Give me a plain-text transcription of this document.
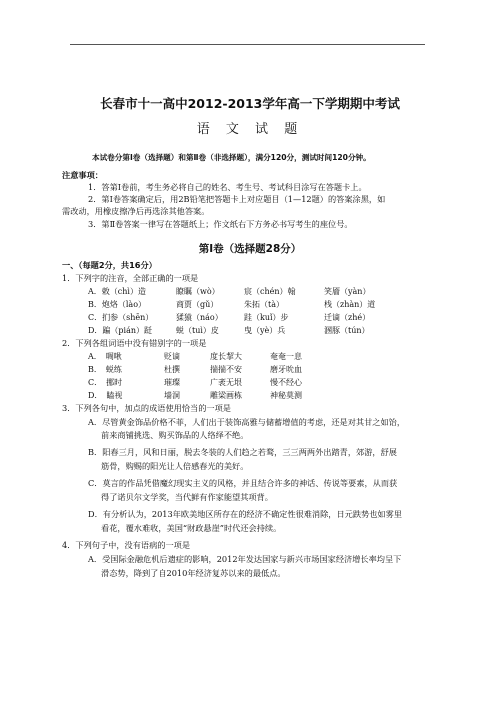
长春市十一高中2012-2013学年高一下学期期中考试
语 文 试 题
本试卷分第Ⅰ卷（选择题）和第Ⅱ卷（非选择题），满分120分，测试时间120分钟。
注意事项：
1．答第Ⅰ卷前，考生务必将自己的姓名、考生号、考试科目涂写在答题卡上。
2．第Ⅰ卷答案确定后，用2B铅笔把答题卡上对应题目（1—12题）的答案涂黑，如
需改动，用橡皮擦净后再选涂其他答案。
3．第Ⅱ卷答案一律写在答题纸上；作文纸右下方务必书写考生的座位号。
第Ⅰ卷（选择题28分）
一、（每题2分，共16分）
1．下列字的注音，全部正确的一项是
A．敕（chì）造	瞭瞩（wò）	宸（chén）翰	笑靥（yàn）
B．炮烙（lào）	商贾（gǔ）	朱拓（tà）	栈（zhàn）道
C．扪参（shēn）	猱猿（náo）	跬（kuǐ）步	迁谪（zhé）
D．蹁（pián）跹	蜕（tuì）皮	曳（yè）兵	溷豚（tún）
2．下列各组词语中没有错别字的一项是
A．　啁啾	贬谪	度长挈大	奄奄一息
B．　蜕练	杜撰	揣揣不安	磨牙吮血
C．　挪时	璀璨	广袤无垠	慢不经心
D．　瞌视	墙洞	雕梁画栋	神秘莫测
3．下列各句中，加点的成语使用恰当的一项是
A．尽管黄金饰品价格不菲，人们出于装饰高雅与储蓄增值的考虑，还是对其甘之如饴，
前来商铺挑选、购买饰品的人络绎不绝。
B．阳春三月，风和日丽，脱去冬装的人们趋之若鹜，三三两两外出踏青，郊游，舒展
筋骨，购赐的阳光让人倍感春光的美好。
C．莫言的作品凭借魔幻现实主义的风格，并且结合许多的神话、传说等要素，从而获
得了诺贝尔文学奖，当代鲜有作家能望其项背。
D．有分析认为，2013年欧美地区所存在的经济不确定性很难消除，日元跌势也如雾里
看花，覆水难收，美国“财政悬崖”时代还会持续。
4．下列句子中，没有语病的一项是
A．受国际金融危机后遗症的影响，2012年发达国家与新兴市场国家经济增长率均呈下
滑态势，降到了自2010年经济复苏以来的最低点。
